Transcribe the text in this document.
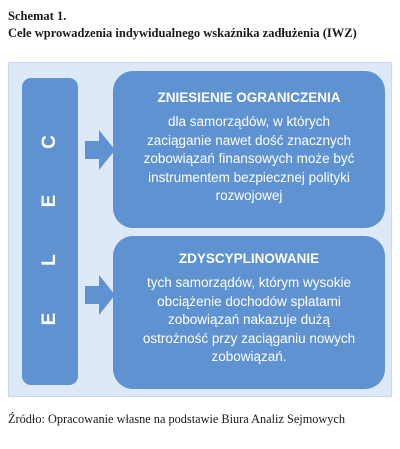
Schemat 1.
Cele wprowadzenia indywidualnego wskaźnika zadłużenia (IWZ)
C
E
L
E
ZNIESIENIE OGRANICZENIA
dla samorządów, w których
zaciąganie nawet dość znacznych
zobowiązań finansowych może być
instrumentem bezpiecznej polityki
rozwojowej
ZDYSCYPLINOWANIE
tych samorządów, którym wysokie
obciążenie dochodów spłatami
zobowiązań nakazuje dużą
ostrożność przy zaciąganiu nowych
zobowiązań.
Źródło: Opracowanie własne na podstawie Biura Analiz Sejmowych
